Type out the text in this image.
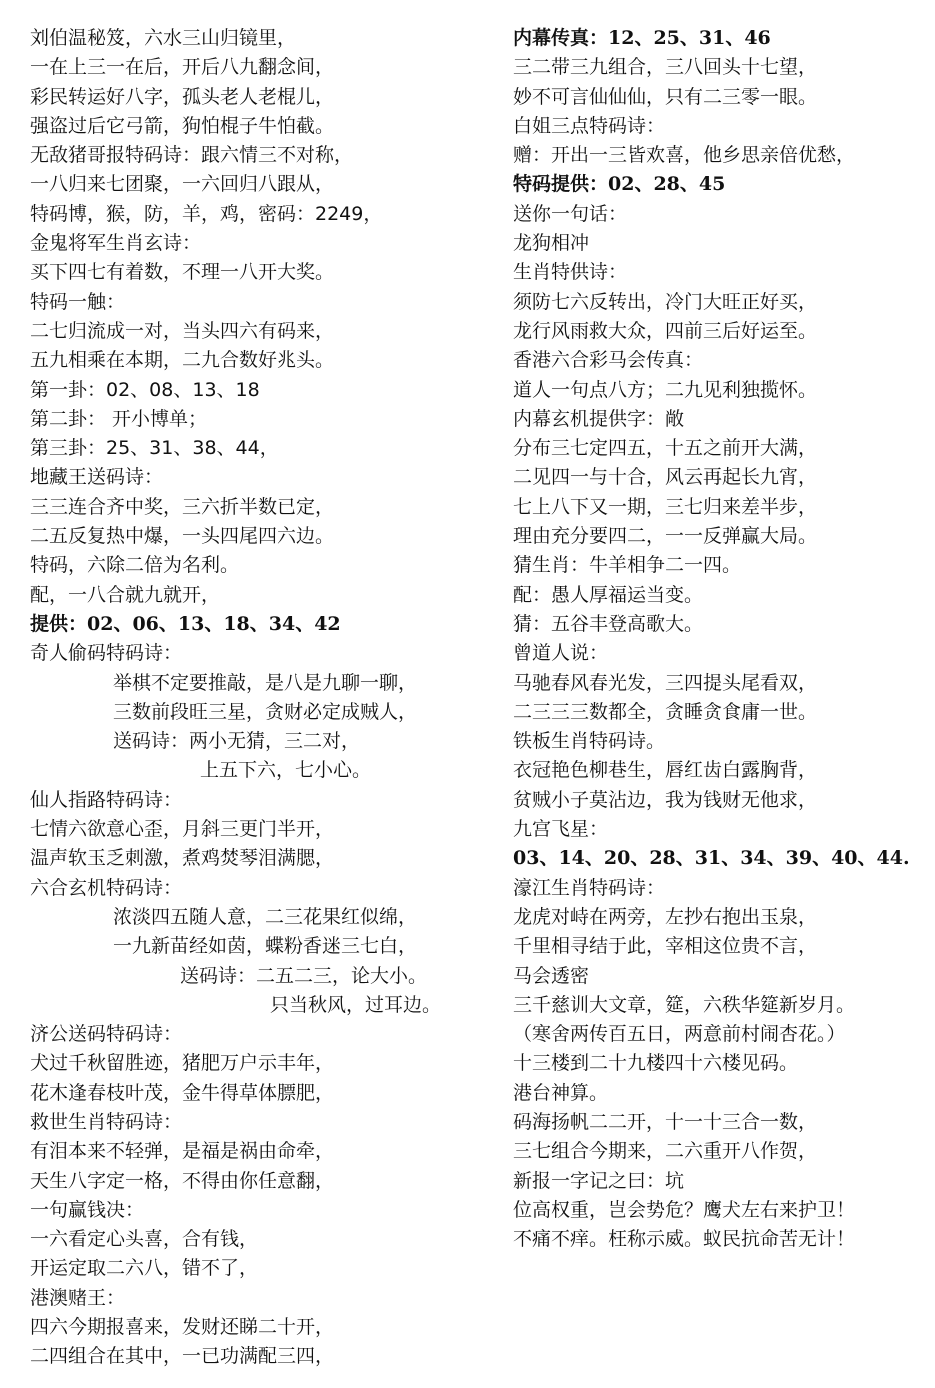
刘伯温秘笈，六水三山归镜里，
一在上三一在后，开后八九翻念间，
彩民转运好八字，孤头老人老棍儿，
强盗过后它弓箭，狗怕棍子牛怕截。
无敌猪哥报特码诗：跟六情三不对称，
一八归来七团聚，一六回归八跟从，
特码博，猴，防，羊，鸡，密码：2249，
金鬼将军生肖玄诗：
买下四七有着数，不理一八开大奖。
特码一触：
二七归流成一对，当头四六有码来，
五九相乘在本期，二九合数好兆头。
第一卦：02、08、13、18
第二卦： 开小博单；
第三卦：25、31、38、44，
地藏王送码诗：
三三连合齐中奖，三六折半数已定，
二五反复热中爆，一头四尾四六边。
特码，六除二倍为名利。
配，一八合就九就开，
提供：02、06、13、18、34、42
奇人偷码特码诗：
举棋不定要推敲，是八是九聊一聊，
三数前段旺三星，贪财必定成贼人，
送码诗：两小无猜，三二对，
上五下六，七小心。
仙人指路特码诗：
七情六欲意心歪，月斜三更门半开，
温声软玉乏刺激，煮鸡焚琴泪满腮，
六合玄机特码诗：
浓淡四五随人意，二三花果红似绵，
一九新苗经如茵，蝶粉香迷三七白，
送码诗：二五二三，论大小。
只当秋风，过耳边。
济公送码特码诗：
犬过千秋留胜迹，猪肥万户示丰年，
花木逢春枝叶茂，金牛得草体膘肥，
救世生肖特码诗：
有泪本来不轻弹，是福是祸由命牵，
天生八字定一格，不得由你任意翻，
一句赢钱决：
一六看定心头喜，合有钱，
开运定取二六八，错不了，
港澳赌王：
四六今期报喜来，发财还睇二十开，
二四组合在其中，一已功满配三四，
内幕传真：12、25、31、46
三二带三九组合，三八回头十七望，
妙不可言仙仙仙，只有二三零一眼。
白姐三点特码诗：
赠：开出一三皆欢喜，他乡思亲倍优愁，
特码提供：02、28、45
送你一句话：
龙狗相冲
生肖特供诗：
须防七六反转出，冷门大旺正好买，
龙行风雨救大众，四前三后好运至。
香港六合彩马会传真：
道人一句点八方；二九见利独揽怀。
内幕玄机提供字：敞
分布三七定四五，十五之前开大满，
二见四一与十合，风云再起长九宵，
七上八下又一期，三七归来差半步，
理由充分要四二，一一反弹赢大局。
猜生肖：牛羊相争二一四。
配：愚人厚福运当变。
猜：五谷丰登高歌大。
曾道人说：
马驰春风春光发，三四提头尾看双，
二三三三数都全，贪睡贪食庸一世。
铁板生肖特码诗。
衣冠艳色柳巷生，唇红齿白露胸背，
贫贼小子莫沾边，我为钱财无他求，
九宫飞星：
03、14、20、28、31、34、39、40、44.
濠江生肖特码诗：
龙虎对峙在两旁，左抄右抱出玉泉，
千里相寻结于此，宰相这位贵不言，
马会透密
三千慈训大文章，筵，六秩华筵新岁月。
（寒舍两传百五日，两意前村闹杏花。）
十三楼到二十九楼四十六楼见码。
港台神算。
码海扬帆二二开，十一十三合一数，
三七组合今期来，二六重开八作贺，
新报一字记之曰：坑
位高权重，岂会势危？鹰犬左右来护卫！
不痛不痒。枉称示威。蚁民抗命苦无计！
